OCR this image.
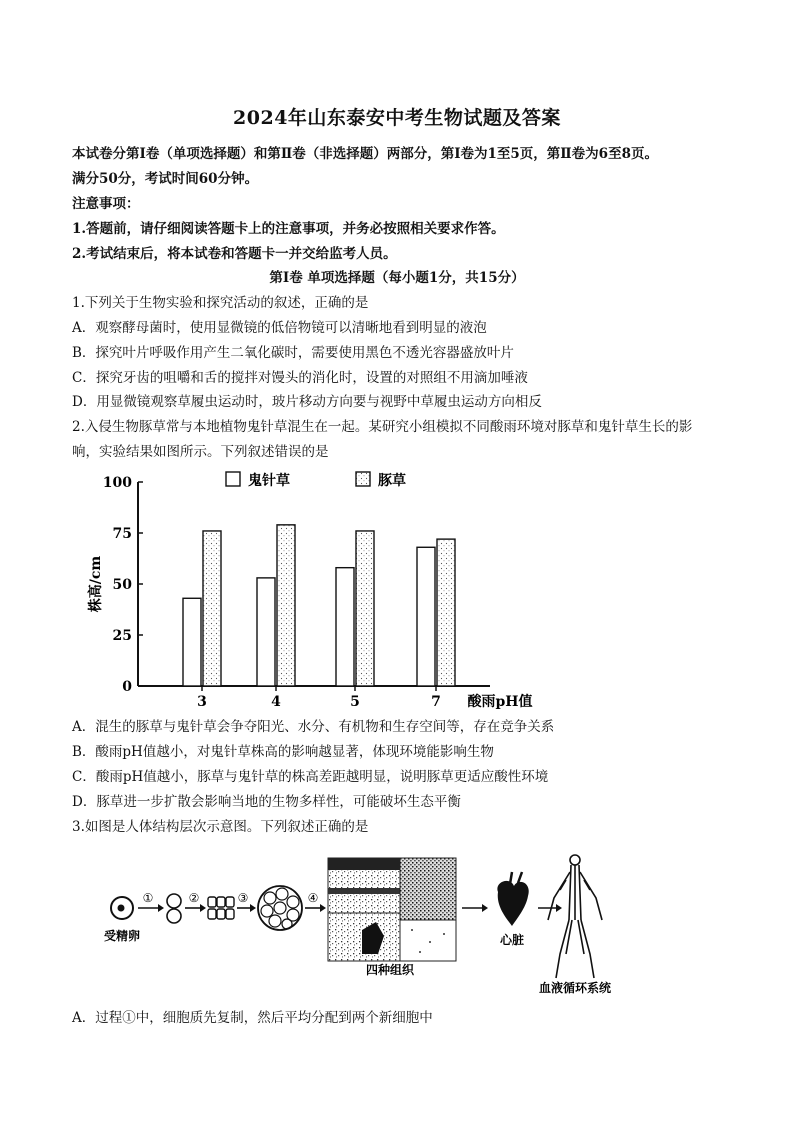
2024年山东泰安中考生物试题及答案
本试卷分第Ⅰ卷（单项选择题）和第Ⅱ卷（非选择题）两部分，第Ⅰ卷为1至5页，第Ⅱ卷为6至8页。
满分50分，考试时间60分钟。
注意事项：
1.答题前，请仔细阅读答题卡上的注意事项，并务必按照相关要求作答。
2.考试结束后，将本试卷和答题卡一并交给监考人员。
第Ⅰ卷 单项选择题（每小题1分，共15分）
1.下列关于生物实验和探究活动的叙述，正确的是
A．观察酵母菌时，使用显微镜的低倍物镜可以清晰地看到明显的液泡
B．探究叶片呼吸作用产生二氧化碳时，需要使用黑色不透光容器盛放叶片
C．探究牙齿的咀嚼和舌的搅拌对馒头的消化时，设置的对照组不用滴加唾液
D．用显微镜观察草履虫运动时，玻片移动方向要与视野中草履虫运动方向相反
2.入侵生物豚草常与本地植物鬼针草混生在一起。某研究小组模拟不同酸雨环境对豚草和鬼针草生长的影
响，实验结果如图所示。下列叙述错误的是
0
25
50
75
100
株高/cm
3	4	5	7 酸雨pH值
鬼针草	豚草
A．混生的豚草与鬼针草会争夺阳光、水分、有机物和生存空间等，存在竞争关系
B．酸雨pH值越小，对鬼针草株高的影响越显著，体现环境能影响生物
C．酸雨pH值越小，豚草与鬼针草的株高差距越明显，说明豚草更适应酸性环境
D．豚草进一步扩散会影响当地的生物多样性，可能破坏生态平衡
3.如图是人体结构层次示意图。下列叙述正确的是
受精卵
①	②	③	④
四种组织
心脏
血液循环系统
A．过程①中，细胞质先复制，然后平均分配到两个新细胞中
